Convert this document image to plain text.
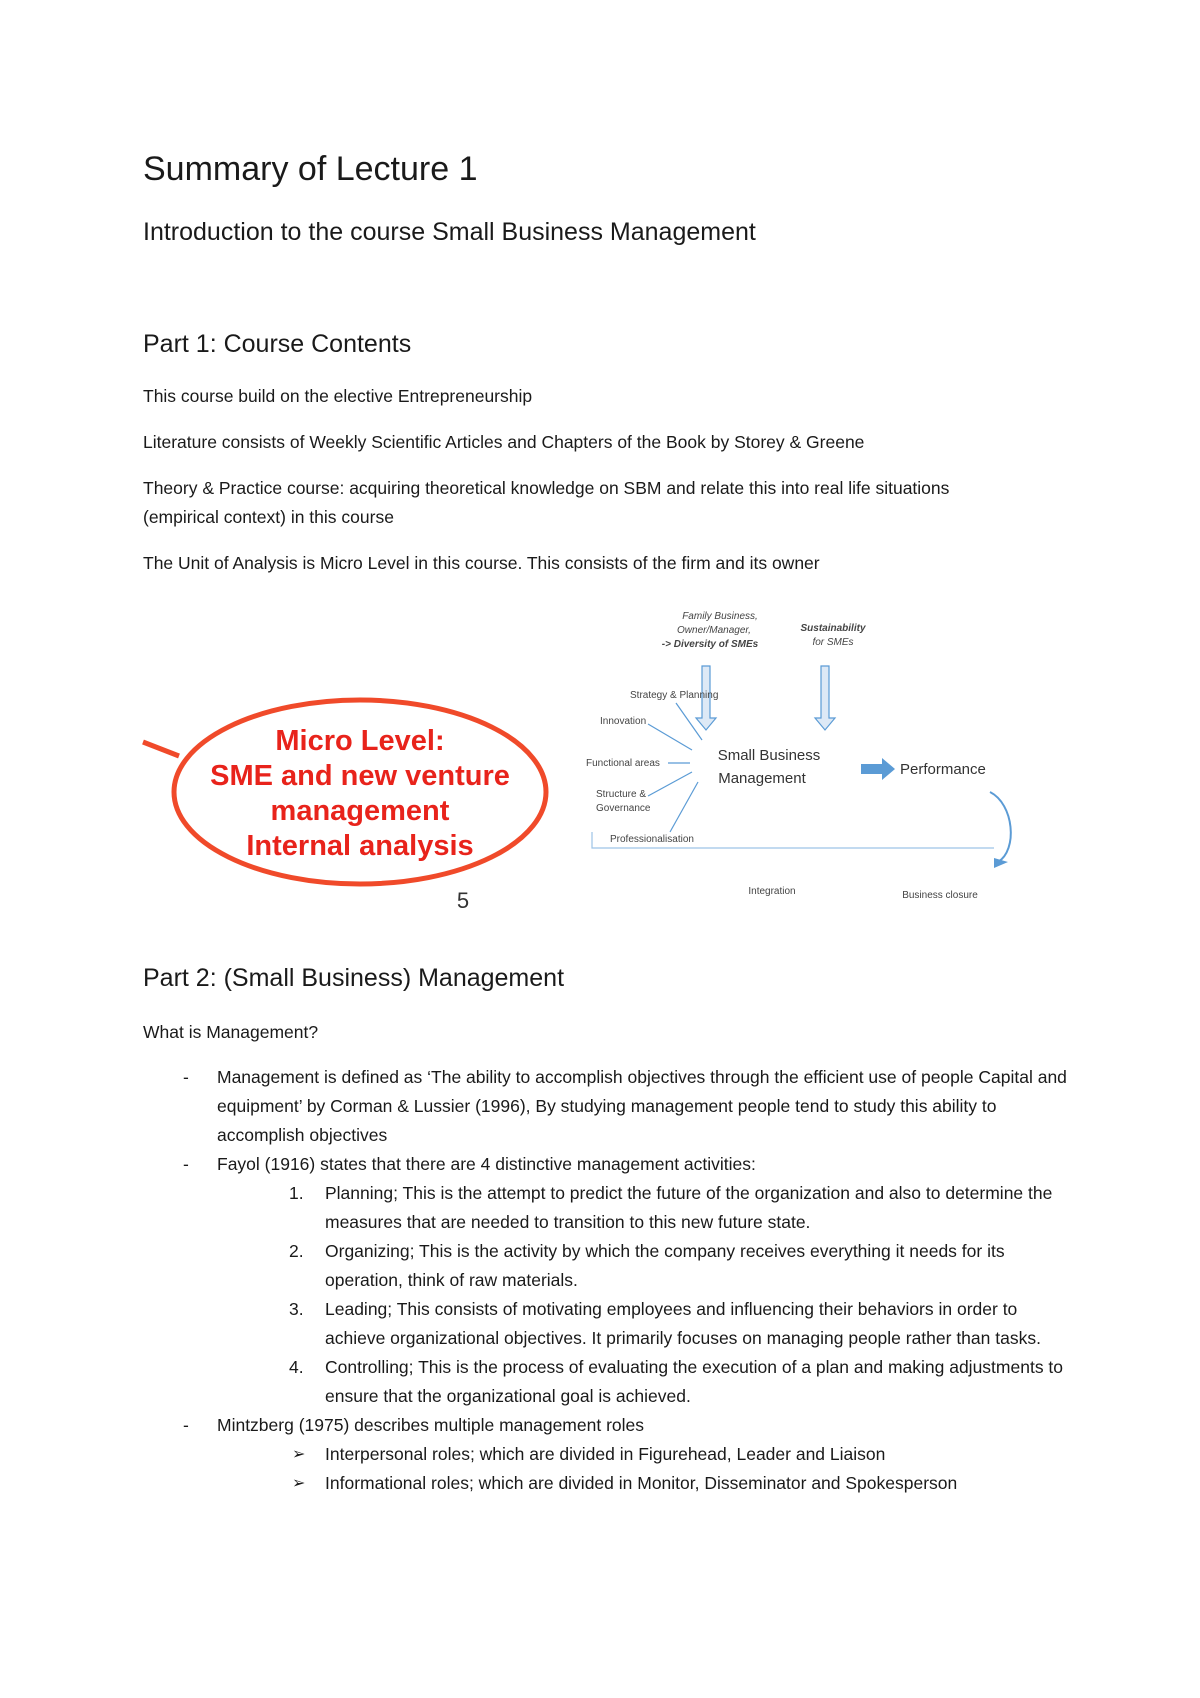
Summary of Lecture 1
Introduction to the course Small Business Management
Part 1: Course Contents

This course build on the elective Entrepreneurship

Literature consists of Weekly Scientific Articles and Chapters of the Book by Storey & Greene

Theory & Practice course: acquiring theoretical knowledge on SBM and relate this into real life situations (empirical context) in this course

The Unit of Analysis is Micro Level in this course. This consists of the firm and its owner

Micro Level:
SME and new venture
management
Internal analysis
5
Family Business,
Owner/Manager,
-> Diversity of SMEs
Sustainability
for SMEs
Strategy & Planning
Innovation
Functional areas
Structure &
Governance
Professionalisation
Small Business
Management
Performance
Integration	Business closure
Part 2: (Small Business) Management

What is Management?

- Management is defined as ‘The ability to accomplish objectives through the efficient use of people Capital and equipment’ by Corman & Lussier (1996), By studying management people tend to study this ability to accomplish objectives
- Fayol (1916) states that there are 4 distinctive management activities:
1. Planning; This is the attempt to predict the future of the organization and also to determine the measures that are needed to transition to this new future state.
2. Organizing; This is the activity by which the company receives everything it needs for its operation, think of raw materials.
3. Leading; This consists of motivating employees and influencing their behaviors in order to achieve organizational objectives. It primarily focuses on managing people rather than tasks.
4. Controlling; This is the process of evaluating the execution of a plan and making adjustments to ensure that the organizational goal is achieved.
- Mintzberg (1975) describes multiple management roles
➢ Interpersonal roles; which are divided in Figurehead, Leader and Liaison
➢ Informational roles; which are divided in Monitor, Disseminator and Spokesperson
